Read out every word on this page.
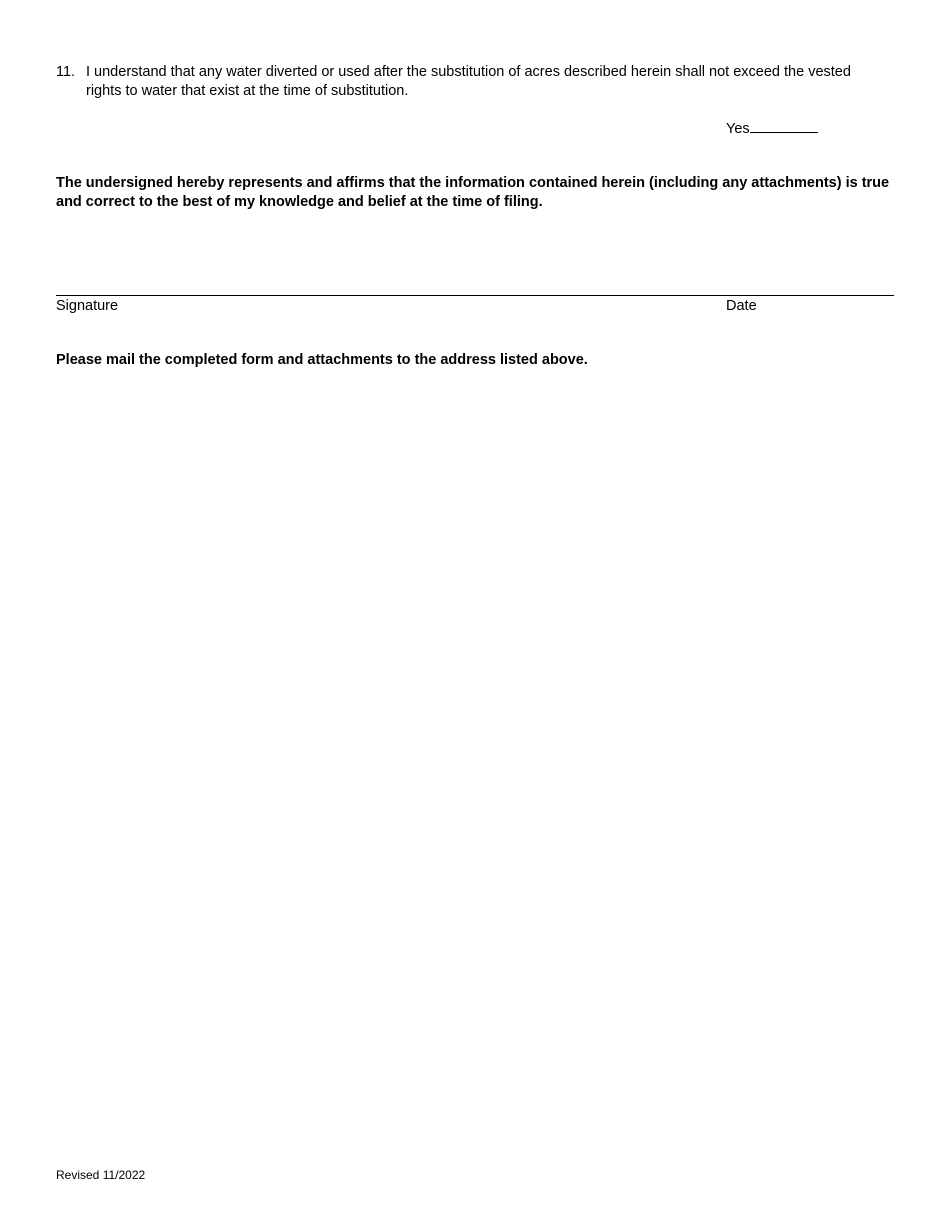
11. I understand that any water diverted or used after the substitution of acres described herein shall not exceed the vested rights to water that exist at the time of substitution.
Yes
The undersigned hereby represents and affirms that the information contained herein (including any attachments) is true and correct to the best of my knowledge and belief at the time of filing.
Signature	Date
Please mail the completed form and attachments to the address listed above.
Revised 11/2022
